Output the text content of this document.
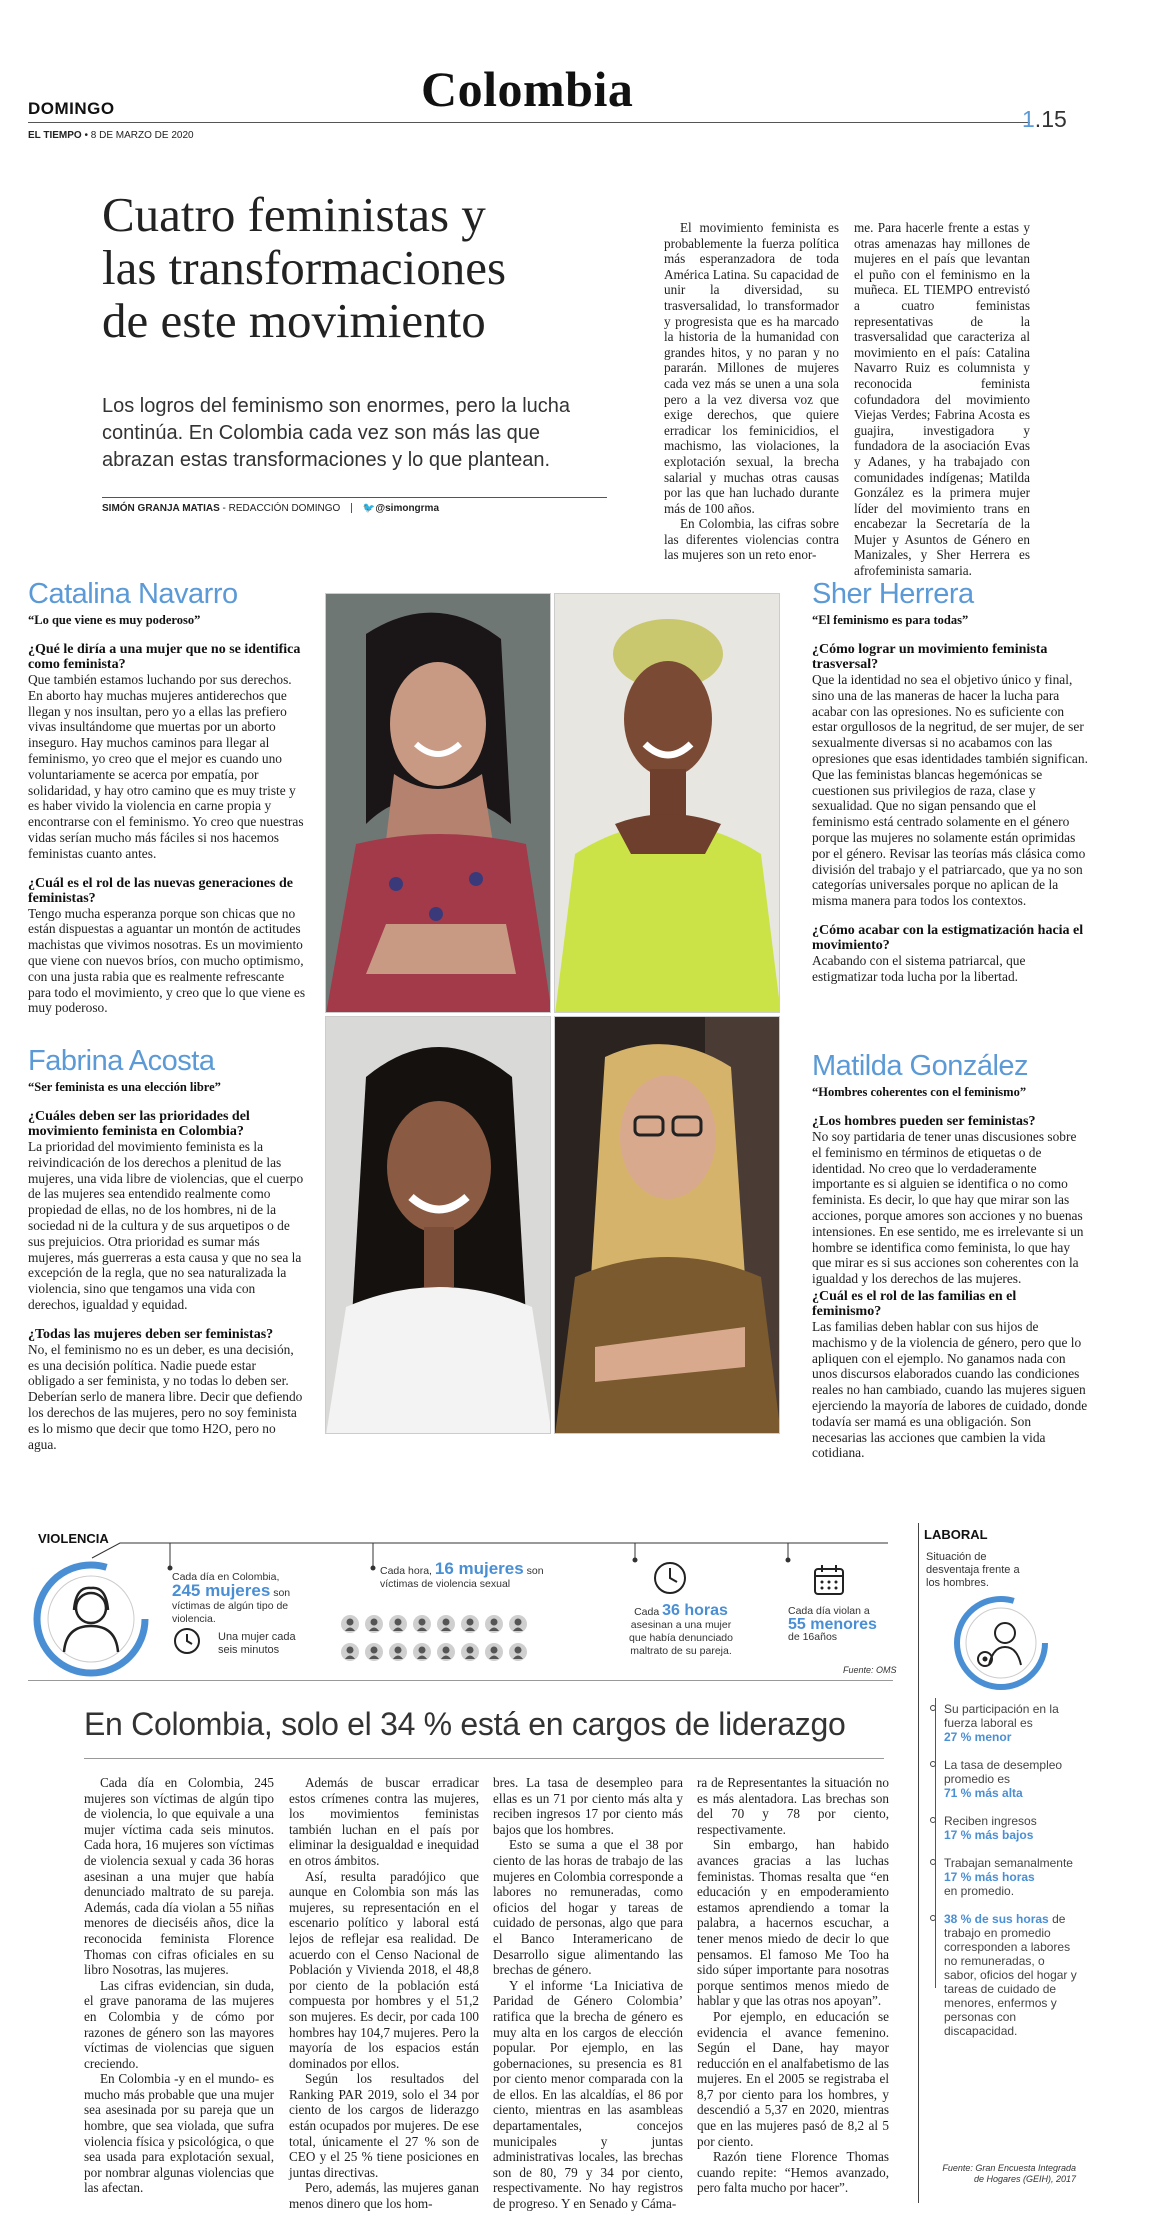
DOMINGO	Colombia
EL TIEMPO • 8 DE MARZO DE 2020
1.15
Cuatro feministas y
las transformaciones
de este movimiento
Los logros del feminismo son enormes, pero la lucha continúa. En Colombia cada vez son más las que abrazan estas transformaciones y lo que plantean.
SIMÓN GRANJA MATIAS - REDACCIÓN DOMINGO 🐦@simongrma

El movimiento feminista es probablemente la fuerza política más esperanzadora de toda América Latina. Su capacidad de unir la diversidad, su trasversalidad, lo transformador y progresista que es ha marcado la historia de la humanidad con grandes hitos, y no paran y no pararán. Millones de mujeres cada vez más se unen a una sola pero a la vez diversa voz que exige derechos, que quiere erradicar los feminicidios, el machismo, las violaciones, la explotación sexual, la brecha salarial y muchas otras causas por las que han luchado durante más de 100 años.

En Colombia, las cifras sobre las diferentes violencias contra las mujeres son un reto enor-

me. Para hacerle frente a estas y otras amenazas hay millones de mujeres en el país que levantan el puño con el feminismo en la muñeca. EL TIEMPO entrevistó a cuatro feministas representativas de la trasversalidad que caracteriza al movimiento en el país: Catalina Navarro Ruiz es columnista y reconocida feminista cofundadora del movimiento Viejas Verdes; Fabrina Acosta es guajira, investigadora y fundadora de la asociación Evas y Adanes, y ha trabajado con comunidades indígenas; Matilda González es la primera mujer líder del movimiento trans en encabezar la Secretaría de la Mujer y Asuntos de Género en Manizales, y Sher Herrera es afrofeminista samaria.

Catalina Navarro
“Lo que viene es muy poderoso”
¿Qué le diría a una mujer que no se identifica como feminista?
Que también estamos luchando por sus derechos. En aborto hay muchas mujeres antiderechos que llegan y nos insultan, pero yo a ellas las prefiero vivas insultándome que muertas por un aborto inseguro. Hay muchos caminos para llegar al feminismo, yo creo que el mejor es cuando uno voluntariamente se acerca por empatía, por solidaridad, y hay otro camino que es muy triste y es haber vivido la violencia en carne propia y encontrarse con el feminismo. Yo creo que nuestras vidas serían mucho más fáciles si nos hacemos feministas cuanto antes.
¿Cuál es el rol de las nuevas generaciones de feministas?
Tengo mucha esperanza porque son chicas que no están dispuestas a aguantar un montón de actitudes machistas que vivimos nosotras. Es un movimiento que viene con nuevos bríos, con mucho optimismo, con una justa rabia que es realmente refrescante para todo el movimiento, y creo que lo que viene es muy poderoso.
Fabrina Acosta
“Ser feminista es una elección libre”
¿Cuáles deben ser las prioridades del movimiento feminista en Colombia?
La prioridad del movimiento feminista es la reivindicación de los derechos a plenitud de las mujeres, una vida libre de violencias, que el cuerpo de las mujeres sea entendido realmente como propiedad de ellas, no de los hombres, ni de la sociedad ni de la cultura y de sus arquetipos o de sus prejuicios. Otra prioridad es sumar más mujeres, más guerreras a esta causa y que no sea la excepción de la regla, que no sea naturalizada la violencia, sino que tengamos una vida con derechos, igualdad y equidad.
¿Todas las mujeres deben ser feministas?
No, el feminismo no es un deber, es una decisión, es una decisión política. Nadie puede estar obligado a ser feminista, y no todas lo deben ser. Deberían serlo de manera libre. Decir que defiendo los derechos de las mujeres, pero no soy feminista es lo mismo que decir que tomo H2O, pero no agua.
Sher Herrera
“El feminismo es para todas”
¿Cómo lograr un movimiento feminista trasversal?
Que la identidad no sea el objetivo único y final, sino una de las maneras de hacer la lucha para acabar con las opresiones. No es suficiente con estar orgullosos de la negritud, de ser mujer, de ser sexualmente diversas si no acabamos con las opresiones que esas identidades también significan.
Que las feministas blancas hegemónicas se cuestionen sus privilegios de raza, clase y sexualidad. Que no sigan pensando que el feminismo está centrado solamente en el género porque las mujeres no solamente están oprimidas por el género. Revisar las teorías más clásica como división del trabajo y el patriarcado, que ya no son categorías universales porque no aplican de la misma manera para todos los contextos.
¿Cómo acabar con la estigmatización hacia el movimiento?
Acabando con el sistema patriarcal, que estigmatizar toda lucha por la libertad.
Matilda González
“Hombres coherentes con el feminismo”
¿Los hombres pueden ser feministas?
No soy partidaria de tener unas discusiones sobre el feminismo en términos de etiquetas o de identidad. No creo que lo verdaderamente importante es si alguien se identifica o no como feminista. Es decir, lo que hay que mirar son las acciones, porque amores son acciones y no buenas intensiones. En ese sentido, me es irrelevante si un hombre se identifica como feminista, lo que hay que mirar es si sus acciones son coherentes con la igualdad y los derechos de las mujeres.
¿Cuál es el rol de las familias en el feminismo?
Las familias deben hablar con sus hijos de machismo y de la violencia de género, pero que lo apliquen con el ejemplo. No ganamos nada con unos discursos elaborados cuando las condiciones reales no han cambiado, cuando las mujeres siguen ejerciendo la mayoría de labores de cuidado, donde todavía ser mamá es una obligación. Son necesarias las acciones que cambien la vida cotidiana.
VIOLENCIA
Cada día en Colombia,
245 mujeres son víctimas de algún tipo de violencia.
Una mujer cada seis minutos
Cada hora, 16 mujeres son víctimas de violencia sexual
Cada 36 horas asesinan a una mujer que había denunciado maltrato de su pareja.
Cada día violan a
55 menores
de 16años
Fuente: OMS
LABORAL
Situación de desventaja frente a los hombres.
Su participación en la fuerza laboral es
27 % menor
La tasa de desempleo promedio es
71 % más alta
Reciben ingresos
17 % más bajos
Trabajan semanalmente
17 % más horas
en promedio.
38 % de sus horas de trabajo en promedio corresponden a labores no remuneradas, o sabor, oficios del hogar y tareas de cuidado de menores, enfermos y personas con discapacidad.
Fuente: Gran Encuesta Integrada de Hogares (GEIH), 2017
En Colombia, solo el 34 % está en cargos de liderazgo

Cada día en Colombia, 245 mujeres son víctimas de algún tipo de violencia, lo que equivale a una mujer víctima cada seis minutos. Cada hora, 16 mujeres son víctimas de violencia sexual y cada 36 horas asesinan a una mujer que había denunciado maltrato de su pareja. Además, cada día violan a 55 niñas menores de dieciséis años, dice la reconocida feminista Florence Thomas con cifras oficiales en su libro Nosotras, las mujeres.

Las cifras evidencian, sin duda, el grave panorama de las mujeres en Colombia y de cómo por razones de género son las mayores víctimas de violencias que siguen creciendo.

En Colombia -y en el mundo- es mucho más probable que una mujer sea asesinada por su pareja que un hombre, que sea violada, que sufra violencia física y psicológica, o que sea usada para explotación sexual, por nombrar algunas violencias que las afectan.

Además de buscar erradicar estos crímenes contra las mujeres, los movimientos feministas también luchan en el país por eliminar la desigualdad e inequidad en otros ámbitos.

Así, resulta paradójico que aunque en Colombia son más las mujeres, su representación en el escenario político y laboral está lejos de reflejar esa realidad. De acuerdo con el Censo Nacional de Población y Vivienda 2018, el 48,8 por ciento de la población está compuesta por hombres y el 51,2 son mujeres. Es decir, por cada 100 hombres hay 104,7 mujeres. Pero la mayoría de los espacios están dominados por ellos.

Según los resultados del Ranking PAR 2019, solo el 34 por ciento de los cargos de liderazgo están ocupados por mujeres. De ese total, únicamente el 27 % son de CEO y el 25 % tiene posiciones en juntas directivas.

Pero, además, las mujeres ganan menos dinero que los hom-

bres. La tasa de desempleo para ellas es un 71 por ciento más alta y reciben ingresos 17 por ciento más bajos que los hombres.

Esto se suma a que el 38 por ciento de las horas de trabajo de las mujeres en Colombia corresponde a labores no remuneradas, como oficios del hogar y tareas de cuidado de personas, algo que para el Banco Interamericano de Desarrollo sigue alimentando las brechas de género.

Y el informe ‘La Iniciativa de Paridad de Género Colombia’ ratifica que la brecha de género es muy alta en los cargos de elección popular. Por ejemplo, en las gobernaciones, su presencia es 81 por ciento menor comparada con la de ellos. En las alcaldías, el 86 por ciento, mientras en las asambleas departamentales, concejos municipales y juntas administrativas locales, las brechas son de 80, 79 y 34 por ciento, respectivamente. No hay registros de progreso. Y en Senado y Cáma-

ra de Representantes la situación no es más alentadora. Las brechas son del 70 y 78 por ciento, respectivamente.

Sin embargo, han habido avances gracias a las luchas feministas. Thomas resalta que “en educación y en empoderamiento estamos aprendiendo a tomar la palabra, a hacernos escuchar, a tener menos miedo de decir lo que pensamos. El famoso Me Too ha sido súper importante para nosotras porque sentimos menos miedo de hablar y que las otras nos apoyan”.

Por ejemplo, en educación se evidencia el avance femenino. Según el Dane, hay mayor reducción en el analfabetismo de las mujeres. En el 2005 se registraba el 8,7 por ciento para los hombres, y descendió a 5,37 en 2020, mientras que en las mujeres pasó de 8,2 al 5 por ciento.

Razón tiene Florence Thomas cuando repite: “Hemos avanzado, pero falta mucho por hacer”.
